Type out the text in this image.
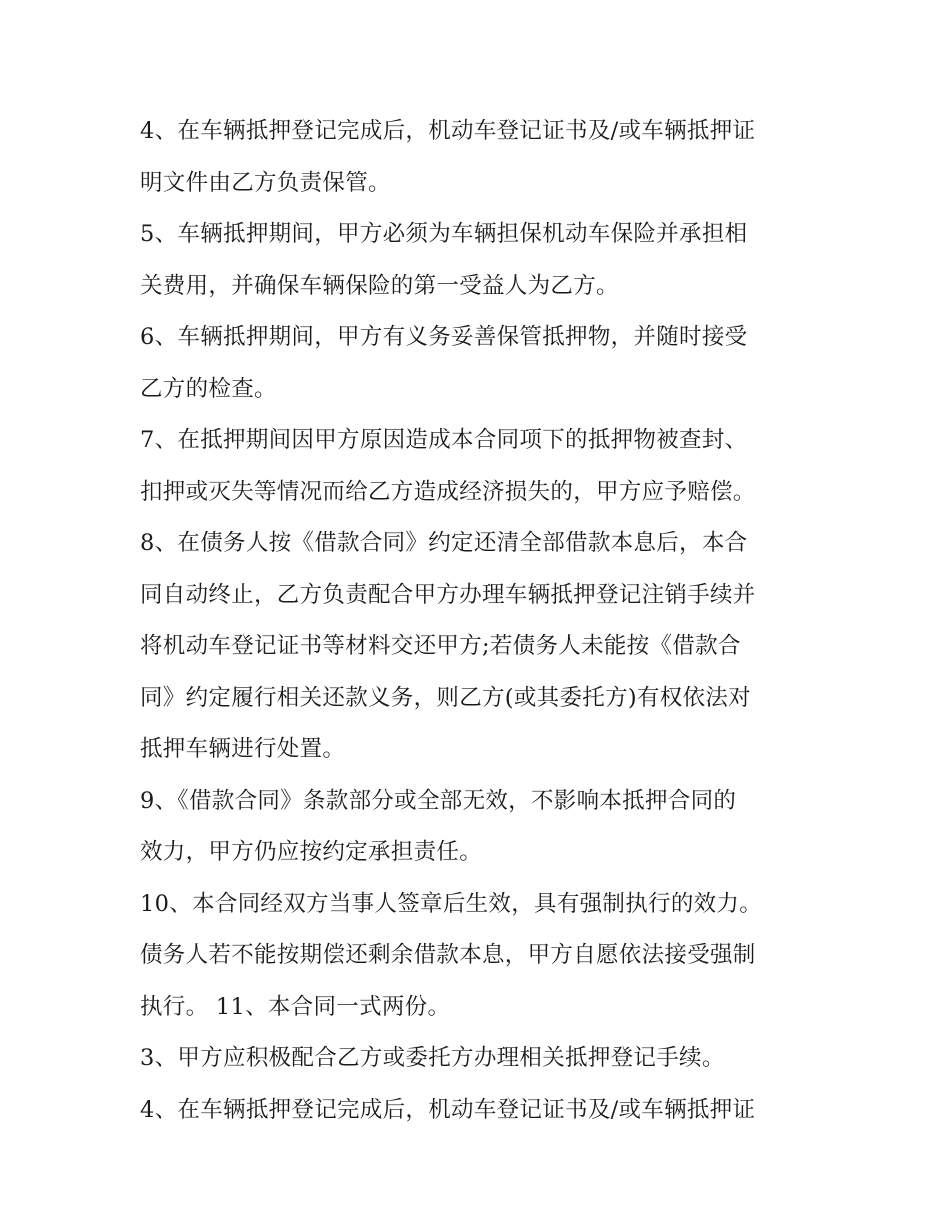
4、在车辆抵押登记完成后，机动车登记证书及/或车辆抵押证
明文件由乙方负责保管。
5、车辆抵押期间，甲方必须为车辆担保机动车保险并承担相
关费用，并确保车辆保险的第一受益人为乙方。
6、车辆抵押期间，甲方有义务妥善保管抵押物，并随时接受
乙方的检查。
7、在抵押期间因甲方原因造成本合同项下的抵押物被查封、
扣押或灭失等情况而给乙方造成经济损失的，甲方应予赔偿。
8、在债务人按《借款合同》约定还清全部借款本息后，本合
同自动终止，乙方负责配合甲方办理车辆抵押登记注销手续并
将机动车登记证书等材料交还甲方;若债务人未能按《借款合
同》约定履行相关还款义务，则乙方(或其委托方)有权依法对
抵押车辆进行处置。
9、《借款合同》条款部分或全部无效，不影响本抵押合同的
效力，甲方仍应按约定承担责任。
10、本合同经双方当事人签章后生效，具有强制执行的效力。
债务人若不能按期偿还剩余借款本息，甲方自愿依法接受强制
执行。 11、本合同一式两份。
3、甲方应积极配合乙方或委托方办理相关抵押登记手续。
4、在车辆抵押登记完成后，机动车登记证书及/或车辆抵押证
